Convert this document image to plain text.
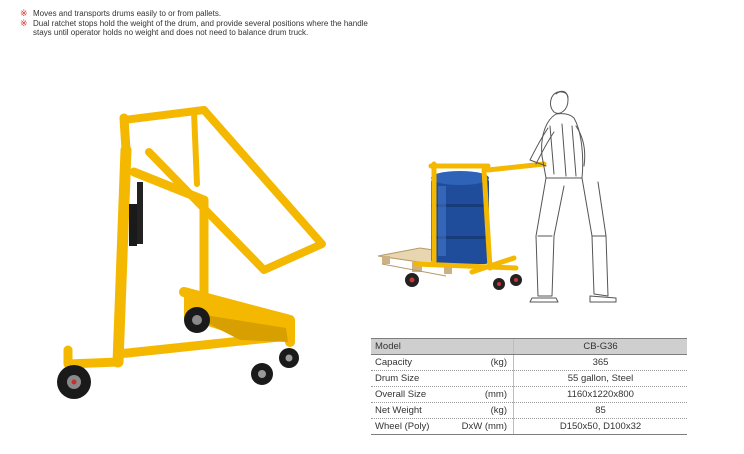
※ Moves and transports drums easily to or from pallets.
※ Dual ratchet stops hold the weight of the drum, and provide several positions where the handle stays until operator holds no weight and does not need to balance drum truck.
Model	CB-G36

Capacity (kg)	365

Drum Size	55 gallon, Steel

Overall Size (mm)	1160x1220x800

Net Weight (kg)	85

Wheel (Poly) DxW (mm)	D150x50, D100x32
